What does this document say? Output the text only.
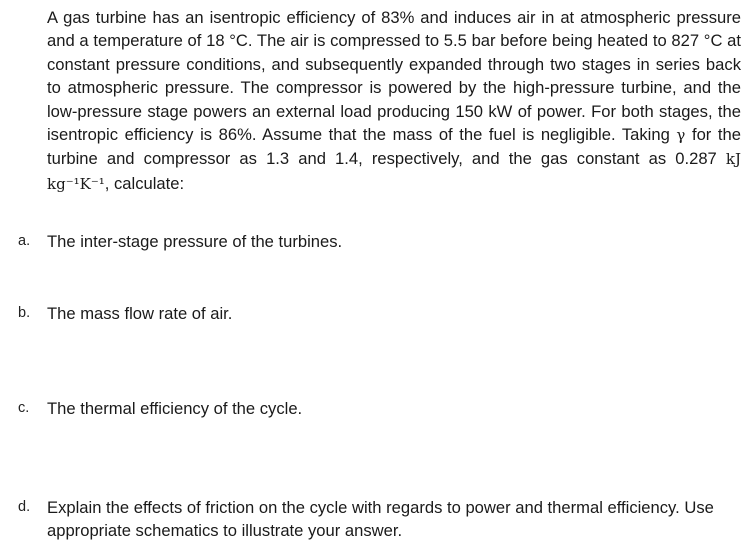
A gas turbine has an isentropic efficiency of 83% and induces air in at atmospheric pressure and a temperature of 18 °C. The air is compressed to 5.5 bar before being heated to 827 °C at constant pressure conditions, and subsequently expanded through two stages in series back to atmospheric pressure. The compressor is powered by the high-pressure turbine, and the low-pressure stage powers an external load producing 150 kW of power. For both stages, the isentropic efficiency is 86%. Assume that the mass of the fuel is negligible. Taking γ for the turbine and compressor as 1.3 and 1.4, respectively, and the gas constant as 0.287 kJ kg⁻¹K⁻¹, calculate:
a. The inter-stage pressure of the turbines.
b. The mass flow rate of air.
c. The thermal efficiency of the cycle.
d. Explain the effects of friction on the cycle with regards to power and thermal efficiency. Use appropriate schematics to illustrate your answer.
